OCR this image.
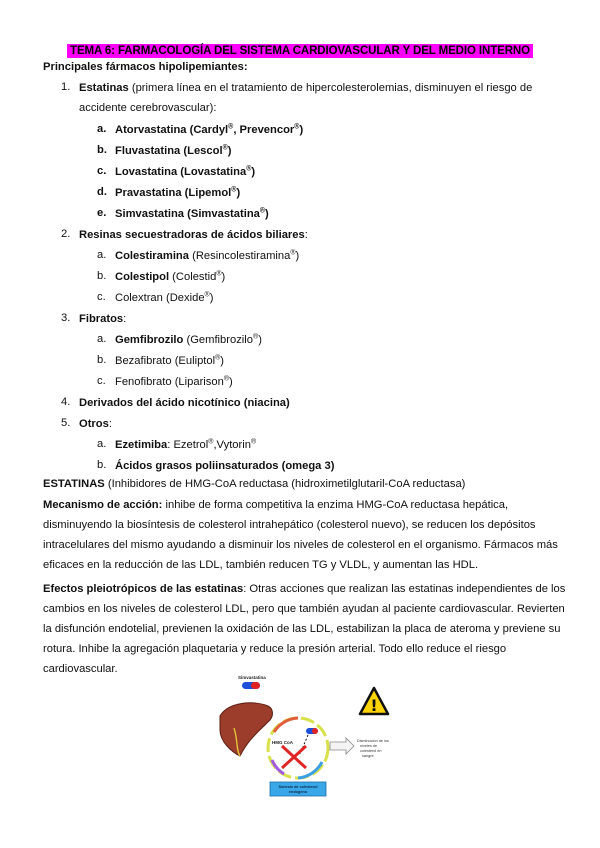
TEMA 6: FARMACOLOGÍA DEL SISTEMA CARDIOVASCULAR Y DEL MEDIO INTERNO
Principales fármacos hipolipemiantes:
1. Estatinas (primera línea en el tratamiento de hipercolesterolemias, disminuyen el riesgo de
accidente cerebrovascular):
a. Atorvastatina (Cardyl®, Prevencor®)
b. Fluvastatina (Lescol®)
c. Lovastatina (Lovastatina®)
d. Pravastatina (Lipemol®)
e. Simvastatina (Simvastatina®)
2. Resinas secuestradoras de ácidos biliares:
a. Colestiramina (Resincolestiramina®)
b. Colestipol (Colestid®)
c. Colextran (Dexide®)
3. Fibratos:
a. Gemfibrozilo (Gemfibrozilo®)
b. Bezafibrato (Euliptol®)
c. Fenofibrato (Liparison®)
4. Derivados del ácido nicotínico (niacina)
5. Otros:
a. Ezetimiba: Ezetrol®,Vytorin®
b. Ácidos grasos poliinsaturados (omega 3)
ESTATINAS (Inhibidores de HMG-CoA reductasa (hidroximetilglutaril-CoA reductasa)

Mecanismo de acción: inhibe de forma competitiva la enzima HMG-CoA reductasa hepática, disminuyendo la biosíntesis de colesterol intrahepático (colesterol nuevo), se reducen los depósitos intracelulares del mismo ayudando a disminuir los niveles de colesterol en el organismo. Fármacos más eficaces en la reducción de las LDL, también reducen TG y VLDL, y aumentan las HDL.

Efectos pleiotrópicos de las estatinas: Otras acciones que realizan las estatinas independientes de los cambios en los niveles de colesterol LDL, pero que también ayudan al paciente cardiovascular. Revierten la disfunción endotelial, previenen la oxidación de las LDL, estabilizan la placa de ateroma y previene su rotura. Inhibe la agregación plaquetaria y reduce la presión arterial. Todo ello reduce el riesgo cardiovascular.

Simvastatina
!
HMG CoA	Disminución de los
niveles de
colesterol en
sangre
Síntesis de colesterol
endógeno
